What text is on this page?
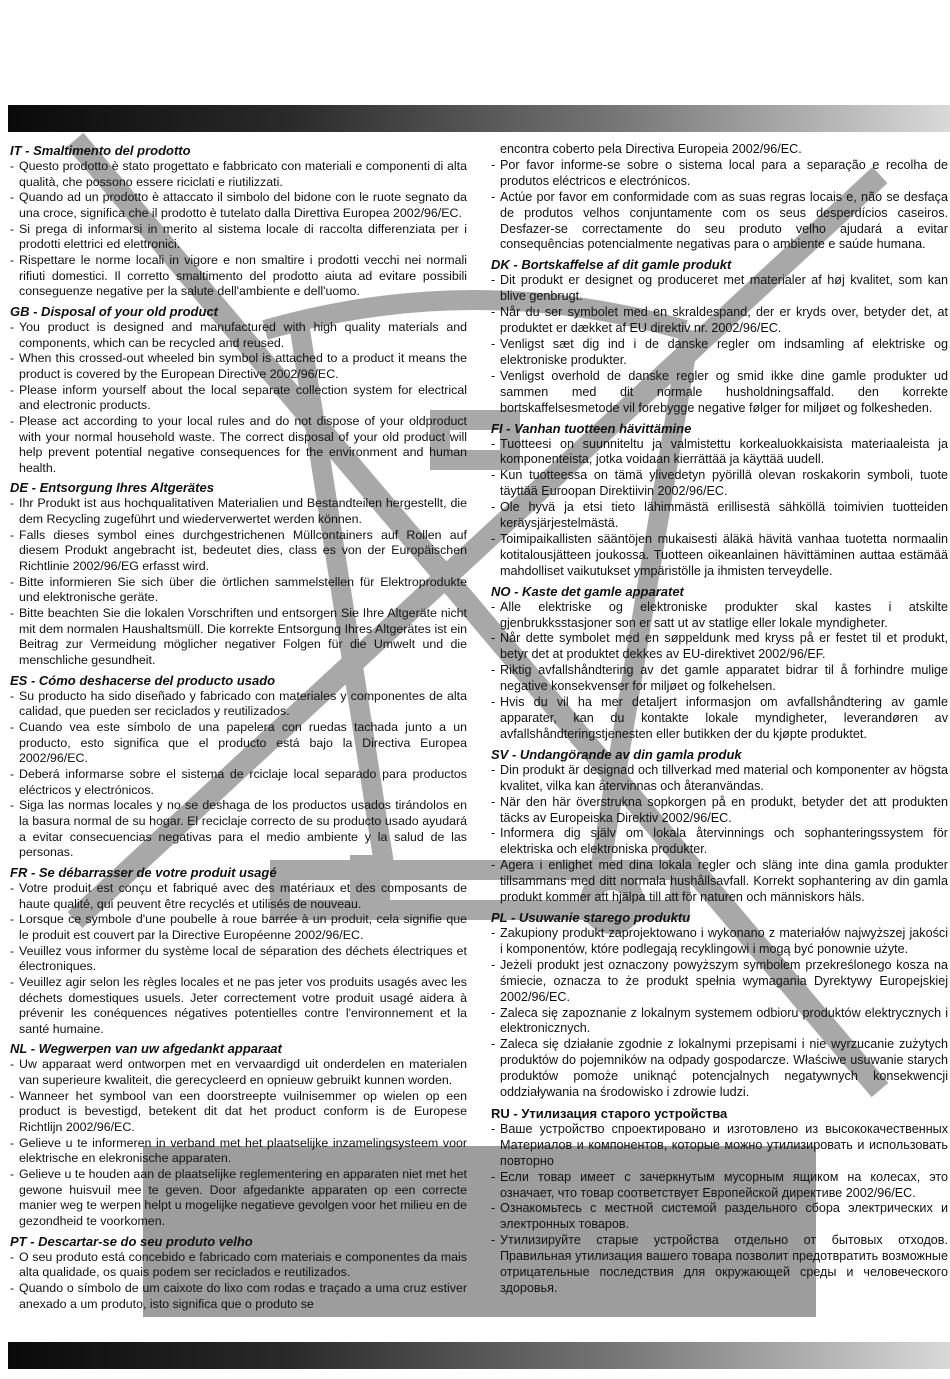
IT - Smaltimento del prodotto
- Questo prodotto è stato progettato e fabbricato con materiali e componenti di alta qualità, che possono essere riciclati e riutilizzati.
- Quando ad un prodotto è attaccato il simbolo del bidone con le ruote segnato da una croce, significa che il prodotto è tutelato dalla Direttiva Europea 2002/96/EC.
- Si prega di informarsi in merito al sistema locale di raccolta differenziata per i prodotti elettrici ed elettronici.
- Rispettare le norme locali in vigore e non smaltire i prodotti vecchi nei normali rifiuti domestici. Il corretto smaltimento del prodotto aiuta ad evitare possibili conseguenze negative per la salute dell'ambiente e dell'uomo.
GB - Disposal of your old product
- You product is designed and manufactured with high quality materials and components, which can be recycled and reused.
- When this crossed-out wheeled bin symbol is attached to a product it means the product is covered by the European Directive 2002/96/EC.
- Please inform yourself about the local separate collection system for electrical and electronic products.
- Please act according to your local rules and do not dispose of your oldproduct with your normal household waste. The correct disposal of your old product will help prevent potential negative consequences for the environment and human health.
DE - Entsorgung Ihres Altgerätes
- Ihr Produkt ist aus hochqualitativen Materialien und Bestandteilen hergestellt, die dem Recycling zugeführt und wiederverwertet werden können.
- Falls dieses symbol eines durchgestrichenen Müllcontainers auf Rollen auf diesem Produkt angebracht ist, bedeutet dies, class es von der Europäischen Richtlinie 2002/96/EG erfasst wird.
- Bitte informieren Sie sich über die örtlichen sammelstellen für Elektroprodukte und elektronische geräte.
- Bitte beachten Sie die lokalen Vorschriften und entsorgen Sie Ihre Altgeräte nicht mit dem normalen Haushaltsmüll. Die korrekte Entsorgung Ihres Altgerätes ist ein Beitrag zur Vermeidung möglicher negativer Folgen für die Umwelt und die menschliche gesundheit.
ES - Cómo deshacerse del producto usado
- Su producto ha sido diseñado y fabricado con materiales y componentes de alta calidad, que pueden ser reciclados y reutilizados.
- Cuando vea este símbolo de una papelera con ruedas tachada junto a un producto, esto significa que el producto está bajo la Directiva Europea 2002/96/EC.
- Deberá informarse sobre el sistema de rciclaje local separado para productos eléctricos y electrónicos.
- Siga las normas locales y no se deshaga de los productos usados tirándolos en la basura normal de su hogar. El reciclaje correcto de su producto usado ayudará a evitar consecuencias negativas para el medio ambiente y la salud de las personas.
FR - Se débarrasser de votre produit usagé
- Votre produit est conçu et fabriqué avec des matériaux et des composants de haute qualité, qui peuvent être recyclés et utilisés de nouveau.
- Lorsque ce symbole d'une poubelle à roue barrée à un produit, cela signifie que le produit est couvert par la Directive Européenne 2002/96/EC.
- Veuillez vous informer du système local de séparation des déchets électriques et électroniques.
- Veuillez agir selon les règles locales et ne pas jeter vos produits usagés avec les déchets domestiques usuels. Jeter correctement votre produit usagé aidera à prévenir les conéquences négatives potentielles contre l'environnement et la santé humaine.
NL - Wegwerpen van uw afgedankt apparaat
- Uw apparaat werd ontworpen met en vervaardigd uit onderdelen en materialen van superieure kwaliteit, die gerecycleerd en opnieuw gebruikt kunnen worden.
- Wanneer het symbool van een doorstreepte vuilnisemmer op wielen op een product is bevestigd, betekent dit dat het product conform is de Europese Richtlijn 2002/96/EC.
- Gelieve u te informeren in verband met het plaatselijke inzamelingsysteem voor elektrische en elekronische apparaten.
- Gelieve u te houden aan de plaatselijke reglementering en apparaten niet met het gewone huisvuil mee te geven. Door afgedankte apparaten op een correcte manier weg te werpen helpt u mogelijke negatieve gevolgen voor het milieu en de gezondheid te voorkomen.
PT - Descartar-se do seu produto velho
- O seu produto está concebido e fabricado com materiais e componentes da mais alta qualidade, os quais podem ser reciclados e reutilizados.
- Quando o símbolo de um caixote do lixo com rodas e traçado a uma cruz estiver anexado a um produto, isto significa que o produto se
encontra coberto pela Directiva Europeia 2002/96/EC.
- Por favor informe-se sobre o sistema local para a separação e recolha de produtos eléctricos e electrónicos.
- Actúe por favor em conformidade com as suas regras locais e, não se desfaça de produtos velhos conjuntamente com os seus desperdícios caseiros. Desfazer-se correctamente do seu produto velho ajudará a evitar consequências potencialmente negativas para o ambiente e saúde humana.
DK - Bortskaffelse af dit gamle produkt
- Dit produkt er designet og produceret met materialer af høj kvalitet, som kan blive genbrugt.
- Når du ser symbolet med en skraldespand, der er kryds over, betyder det, at produktet er dækket af EU direktiv nr. 2002/96/EC.
- Venligst sæt dig ind i de danske regler om indsamling af elektriske og elektroniske produkter.
- Venligst overhold de danske regler og smid ikke dine gamle produkter ud sammen med dit normale husholdningsaffald. den korrekte bortskaffelsesmetode vil forebygge negative følger for miljøet og folkesheden.
FI - Vanhan tuotteen hävittämine
- Tuotteesi on suunniteltu ja valmistettu korkealuokkaisista materiaaleista ja komponenteista, jotka voidaan kierrättää ja käyttää uudell.
- Kun tuotteessa on tämä ylivedetyn pyörillä olevan roskakorin symboli, tuote täyttää Euroopan Direktiivin 2002/96/EC.
- Ole hyvä ja etsi tieto lähimmästä erillisestä sähköllä toimivien tuotteiden keräysjärjestelmästä.
- Toimipaikallisten sääntöjen mukaisesti äläkä hävitä vanhaa tuotetta normaalin kotitalousjätteen joukossa. Tuotteen oikeanlainen hävittäminen auttaa estämää mahdolliset vaikutukset ympäristölle ja ihmisten terveydelle.
NO - Kaste det gamle apparatet
- Alle elektriske og elektroniske produkter skal kastes i atskilte gjenbrukksstasjoner son er satt ut av statlige eller lokale myndigheter.
- Når dette symbolet med en søppeldunk med kryss på er festet til et produkt, betyr det at produktet dekkes av EU-direktivet 2002/96/EF.
- Riktig avfallshåndtering av det gamle apparatet bidrar til å forhindre mulige negative konsekvenser for miljøet og folkehelsen.
- Hvis du vil ha mer detaljert informasjon om avfallshåndtering av gamle apparater, kan du kontakte lokale myndigheter, leverandøren av avfallshåndteringstjenesten eller butikken der du kjøpte produktet.
SV - Undangörande av din gamla produk
- Din produkt är designad och tillverkad med material och komponenter av högsta kvalitet, vilka kan återvinnas och återanvändas.
- När den här överstrukna sopkorgen på en produkt, betyder det att produkten täcks av Europeiska Direktiv 2002/96/EC.
- Informera dig själv om lokala återvinnings och sophanteringssystem för elektriska och elektroniska produkter.
- Agera i enlighet med dina lokala regler och släng inte dina gamla produkter tillsammans med ditt normala hushållsavfall. Korrekt sophantering av din gamla produkt kommer att hjälpa till att för naturen och människors häls.
PL - Usuwanie starego produktu
- Zakupiony produkt zaprojektowano i wykonano z materiałów najwyższej jakości i komponentów, które podlegają recyklingowi i mogą być ponownie użyte.
- Jeżeli produkt jest oznaczony powyższym symbolem przekreślonego kosza na śmiecie, oznacza to że produkt spełnia wymagania Dyrektywy Europejskiej 2002/96/EC.
- Zaleca się zapoznanie z lokalnym systemem odbioru produktów elektrycznych i elektronicznych.
- Zaleca się działanie zgodnie z lokalnymi przepisami i nie wyrzucanie zużytych produktów do pojemników na odpady gospodarcze. Właściwe usuwanie starych produktów pomoże uniknąć potencjalnych negatywnych konsekwencji oddziaływania na środowisko i zdrowie ludzi.
RU - Утилизация старого устройства
- Ваше устройство спроектировано и изготовлено из высококачественных Материалов и компонентов, которые можно утилизировать и использовать повторно
- Если товар имеет с зачеркнутым мусорным ящиком на колесах, это означает, что товар соответствует Европейской директиве 2002/96/EC.
- Ознакомьтесь с местной системой раздельного сбора электрических и электронных товаров.
- Утилизируйте старые устройства отдельно от бытовых отходов. Правильная утилизация вашего товара позволит предотвратить возможные отрицательные последствия для окружающей среды и человеческого здоровья.
